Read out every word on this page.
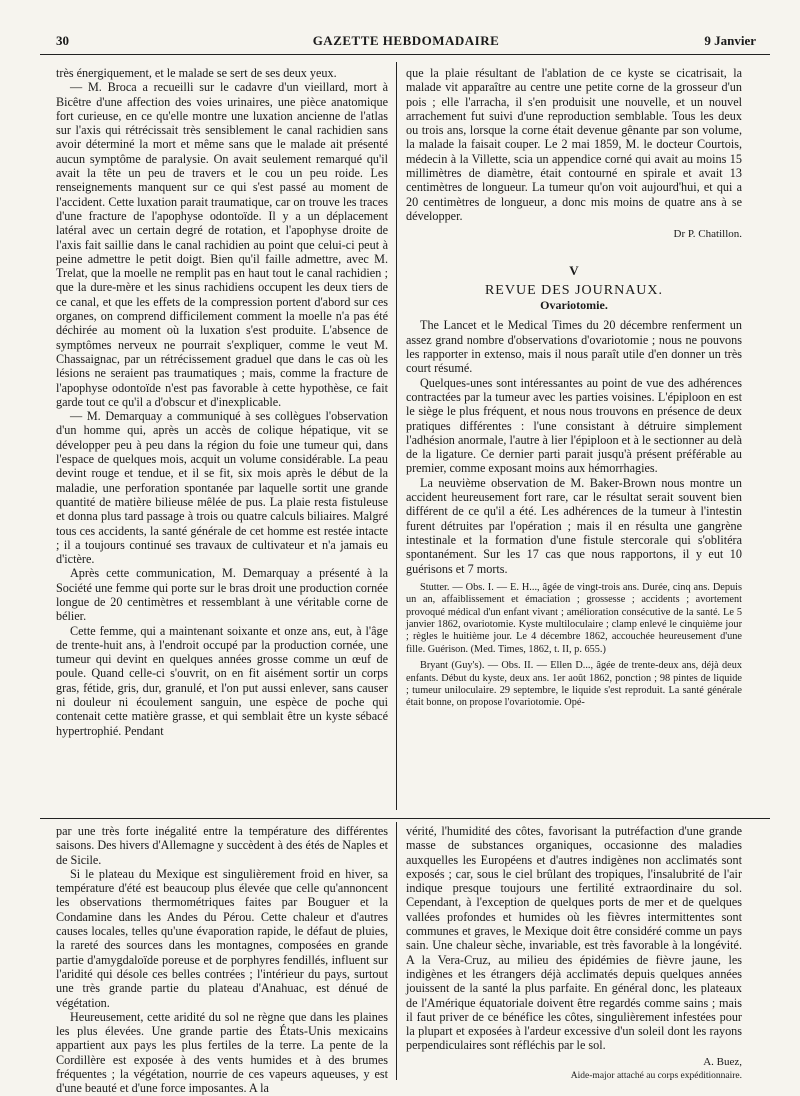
30	GAZETTE HEBDOMADAIRE	9 Janvier

très énergiquement, et le malade se sert de ses deux yeux.

— M. Broca a recueilli sur le cadavre d'un vieillard, mort à Bicêtre d'une affection des voies urinaires, une pièce anatomique fort curieuse, en ce qu'elle montre une luxation ancienne de l'atlas sur l'axis qui rétrécissait très sensiblement le canal rachidien sans avoir déterminé la mort et même sans que le malade ait présenté aucun symptôme de paralysie. On avait seulement remarqué qu'il avait la tête un peu de travers et le cou un peu roide. Les renseignements manquent sur ce qui s'est passé au moment de l'accident. Cette luxation parait traumatique, car on trouve les traces d'une fracture de l'apophyse odontoïde. Il y a un déplacement latéral avec un certain degré de rotation, et l'apophyse droite de l'axis fait saillie dans le canal rachidien au point que celui-ci peut à peine admettre le petit doigt. Bien qu'il faille admettre, avec M. Trelat, que la moelle ne remplit pas en haut tout le canal rachidien ; que la dure-mère et les sinus rachidiens occupent les deux tiers de ce canal, et que les effets de la compression portent d'abord sur ces organes, on comprend difficilement comment la moelle n'a pas été déchirée au moment où la luxation s'est produite. L'absence de symptômes nerveux ne pourrait s'expliquer, comme le veut M. Chassaignac, par un rétrécissement graduel que dans le cas où les lésions ne seraient pas traumatiques ; mais, comme la fracture de l'apophyse odontoïde n'est pas favorable à cette hypothèse, ce fait garde tout ce qu'il a d'obscur et d'inexplicable.

— M. Demarquay a communiqué à ses collègues l'observation d'un homme qui, après un accès de colique hépatique, vit se développer peu à peu dans la région du foie une tumeur qui, dans l'espace de quelques mois, acquit un volume considérable. La peau devint rouge et tendue, et il se fit, six mois après le début de la maladie, une perforation spontanée par laquelle sortit une grande quantité de matière bilieuse mêlée de pus. La plaie resta fistuleuse et donna plus tard passage à trois ou quatre calculs biliaires. Malgré tous ces accidents, la santé générale de cet homme est restée intacte ; il a toujours continué ses travaux de cultivateur et n'a jamais eu d'ictère.

Après cette communication, M. Demarquay a présenté à la Société une femme qui porte sur le bras droit une production cornée longue de 20 centimètres et ressemblant à une véritable corne de bélier.

Cette femme, qui a maintenant soixante et onze ans, eut, à l'âge de trente-huit ans, à l'endroit occupé par la production cornée, une tumeur qui devint en quelques années grosse comme un œuf de poule. Quand celle-ci s'ouvrit, on en fit aisément sortir un corps gras, fétide, gris, dur, granulé, et l'on put aussi enlever, sans causer ni douleur ni écoulement sanguin, une espèce de poche qui contenait cette matière grasse, et qui semblait être un kyste sébacé hypertrophié. Pendant

que la plaie résultant de l'ablation de ce kyste se cicatrisait, la malade vit apparaître au centre une petite corne de la grosseur d'un pois ; elle l'arracha, il s'en produisit une nouvelle, et un nouvel arrachement fut suivi d'une reproduction semblable. Tous les deux ou trois ans, lorsque la corne était devenue gênante par son volume, la malade la faisait couper. Le 2 mai 1859, M. le docteur Courtois, médecin à la Villette, scia un appendice corné qui avait au moins 15 millimètres de diamètre, était contourné en spirale et avait 13 centimètres de longueur. La tumeur qu'on voit aujourd'hui, et qui a 20 centimètres de longueur, a donc mis moins de quatre ans à se développer.

Dr P. Chatillon.
V
REVUE DES JOURNAUX.
Ovariotomie.

The Lancet et le Medical Times du 20 décembre renferment un assez grand nombre d'observations d'ovariotomie ; nous ne pouvons les rapporter in extenso, mais il nous paraît utile d'en donner un très court résumé.

Quelques-unes sont intéressantes au point de vue des adhérences contractées par la tumeur avec les parties voisines. L'épiploon en est le siège le plus fréquent, et nous nous trouvons en présence de deux pratiques différentes : l'une consistant à détruire simplement l'adhésion anormale, l'autre à lier l'épiploon et à le sectionner au delà de la ligature. Ce dernier parti parait jusqu'à présent préférable au premier, comme exposant moins aux hémorrhagies.

La neuvième observation de M. Baker-Brown nous montre un accident heureusement fort rare, car le résultat serait souvent bien différent de ce qu'il a été. Les adhérences de la tumeur à l'intestin furent détruites par l'opération ; mais il en résulta une gangrène intestinale et la formation d'une fistule stercorale qui s'oblitéra spontanément. Sur les 17 cas que nous rapportons, il y eut 10 guérisons et 7 morts.

Stutter. — Obs. I. — E. H..., âgée de vingt-trois ans. Durée, cinq ans. Depuis un an, affaiblissement et émaciation ; grossesse ; accidents ; avortement provoqué médical d'un enfant vivant ; amélioration consécutive de la santé. Le 5 janvier 1862, ovariotomie. Kyste multiloculaire ; clamp enlevé le cinquième jour ; règles le huitième jour. Le 4 décembre 1862, accouchée heureusement d'une fille. Guérison. (Med. Times, 1862, t. II, p. 655.)

Bryant (Guy's). — Obs. II. — Ellen D..., âgée de trente-deux ans, déjà deux enfants. Début du kyste, deux ans. 1er août 1862, ponction ; 98 pintes de liquide ; tumeur uniloculaire. 29 septembre, le liquide s'est reproduit. La santé générale était bonne, on propose l'ovariotomie. Opé-

par une très forte inégalité entre la température des différentes saisons. Des hivers d'Allemagne y succèdent à des étés de Naples et de Sicile.

Si le plateau du Mexique est singulièrement froid en hiver, sa température d'été est beaucoup plus élevée que celle qu'annoncent les observations thermométriques faites par Bouguer et la Condamine dans les Andes du Pérou. Cette chaleur et d'autres causes locales, telles qu'une évaporation rapide, le défaut de pluies, la rareté des sources dans les montagnes, composées en grande partie d'amygdaloïde poreuse et de porphyres fendillés, influent sur l'aridité qui désole ces belles contrées ; l'intérieur du pays, surtout une très grande partie du plateau d'Anahuac, est dénué de végétation.

Heureusement, cette aridité du sol ne règne que dans les plaines les plus élevées. Une grande partie des États-Unis mexicains appartient aux pays les plus fertiles de la terre. La pente de la Cordillère est exposée à des vents humides et à des brumes fréquentes ; la végétation, nourrie de ces vapeurs aqueuses, y est d'une beauté et d'une force imposantes. A la

vérité, l'humidité des côtes, favorisant la putréfaction d'une grande masse de substances organiques, occasionne des maladies auxquelles les Européens et d'autres indigènes non acclimatés sont exposés ; car, sous le ciel brûlant des tropiques, l'insalubrité de l'air indique presque toujours une fertilité extraordinaire du sol. Cependant, à l'exception de quelques ports de mer et de quelques vallées profondes et humides où les fièvres intermittentes sont communes et graves, le Mexique doit être considéré comme un pays sain. Une chaleur sèche, invariable, est très favorable à la longévité. A la Vera-Cruz, au milieu des épidémies de fièvre jaune, les indigènes et les étrangers déjà acclimatés depuis quelques années jouissent de la santé la plus parfaite. En général donc, les plateaux de l'Amérique équatoriale doivent être regardés comme sains ; mais il faut priver de ce bénéfice les côtes, singulièrement infestées pour la plupart et exposées à l'ardeur excessive d'un soleil dont les rayons perpendiculaires sont réfléchis par le sol.

A. Buez,
Aide-major attaché au corps expéditionnaire.
